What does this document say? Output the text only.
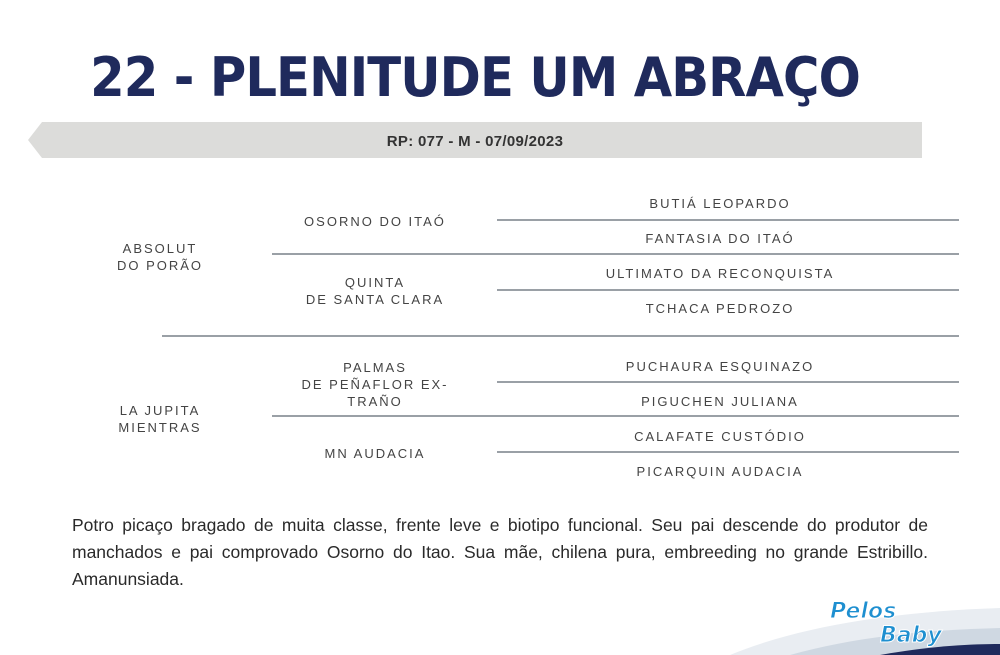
22 - PLENITUDE UM ABRAÇO
RP: 077 - M - 07/09/2023
ABSOLUT
DO PORÃO
LA JUPITA
MIENTRAS
OSORNO DO ITAÓ
QUINTA
DE SANTA CLARA
PALMAS
DE PEÑAFLOR EX-
TRAÑO
MN AUDACIA
BUTIÁ LEOPARDO
FANTASIA DO ITAÓ
ULTIMATO DA RECONQUISTA
TCHACA PEDROZO
PUCHAURA ESQUINAZO
PIGUCHEN JULIANA
CALAFATE CUSTÓDIO
PICARQUIN AUDACIA

Potro picaço bragado de muita classe, frente leve e biotipo funcional. Seu pai descende do produtor de manchados e pai comprovado Osorno do Itao. Sua mãe, chilena pura, embreeding no grande Estribillo. Amanunsiada.

Pelos
Baby
